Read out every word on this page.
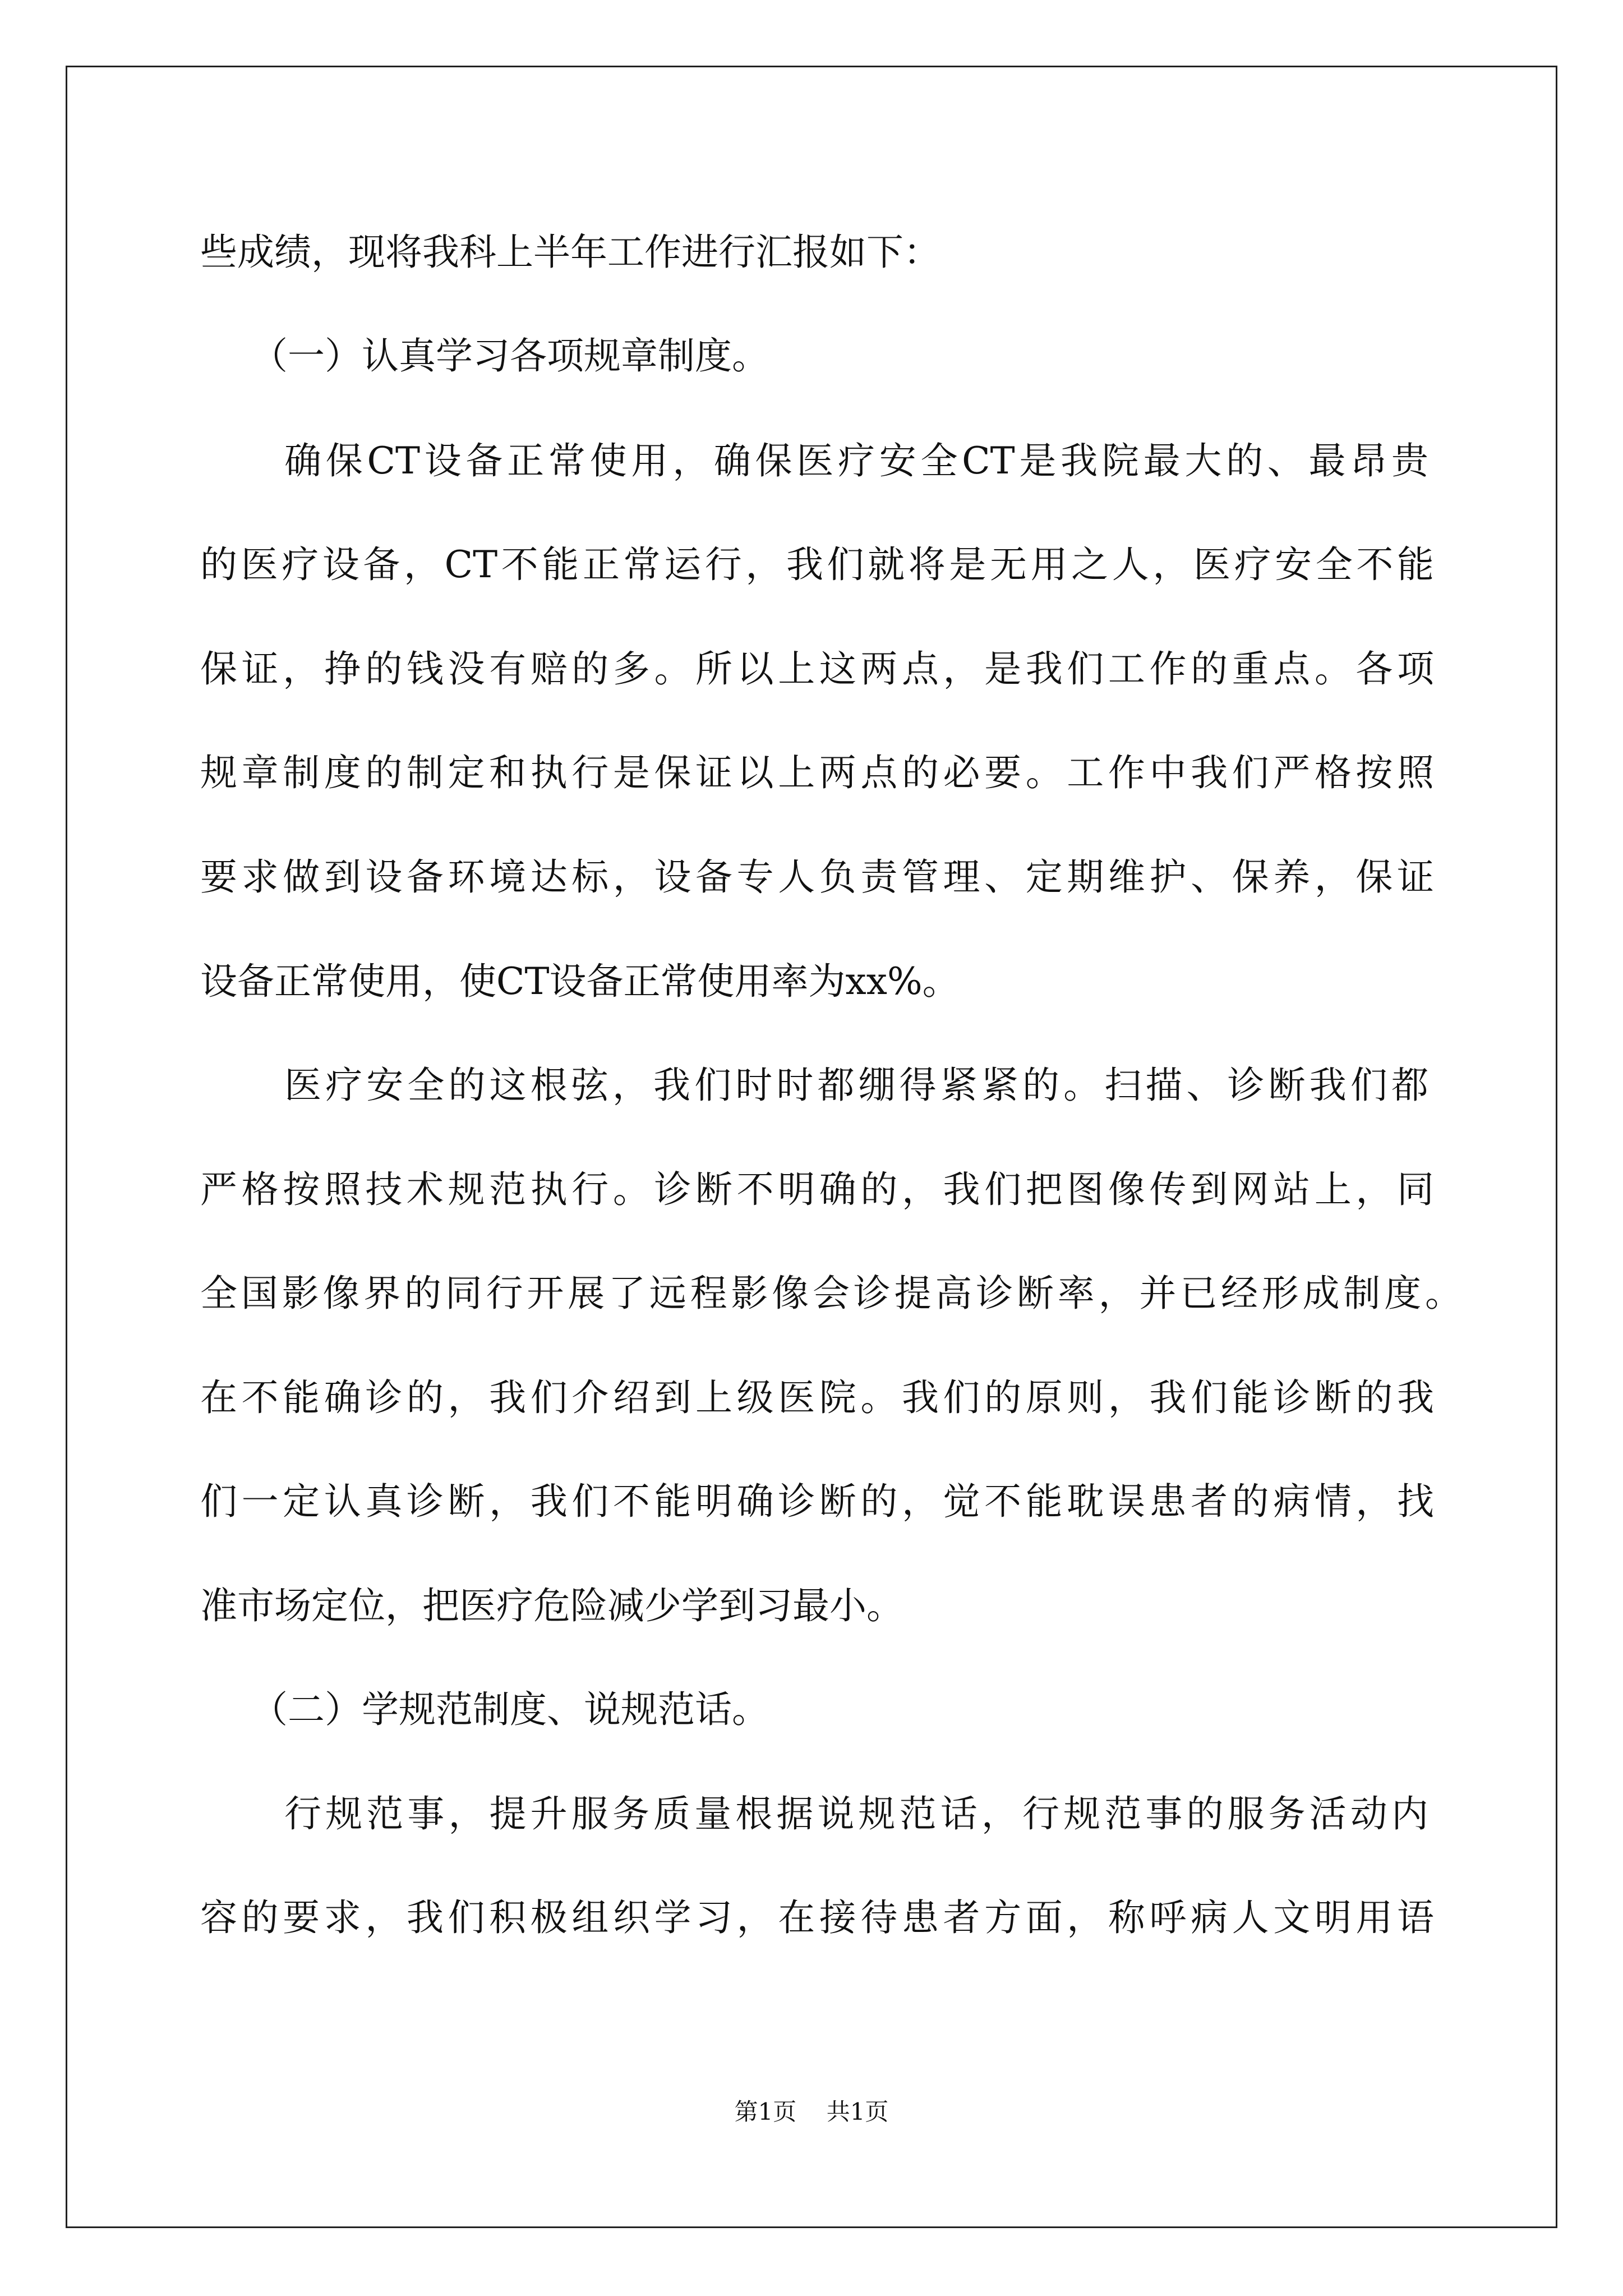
些成绩，现将我科上半年工作进行汇报如下：

（一）认真学习各项规章制度。

确保CT设备正常使用，确保医疗安全CT是我院最大的、最昂贵

的医疗设备，CT不能正常运行，我们就将是无用之人，医疗安全不能

保证，挣的钱没有赔的多。所以上这两点，是我们工作的重点。各项

规章制度的制定和执行是保证以上两点的必要。工作中我们严格按照

要求做到设备环境达标，设备专人负责管理、定期维护、保养，保证

设备正常使用，使CT设备正常使用率为xx%。

医疗安全的这根弦，我们时时都绷得紧紧的。扫描、诊断我们都

严格按照技术规范执行。诊断不明确的，我们把图像传到网站上，同

全国影像界的同行开展了远程影像会诊提高诊断率，并已经形成制度。

在不能确诊的，我们介绍到上级医院。我们的原则，我们能诊断的我

们一定认真诊断，我们不能明确诊断的，觉不能耽误患者的病情，找

准市场定位，把医疗危险减少学到习最小。

（二）学规范制度、说规范话。

行规范事，提升服务质量根据说规范话，行规范事的服务活动内

容的要求，我们积极组织学习，在接待患者方面，称呼病人文明用语

第1页 共1页
